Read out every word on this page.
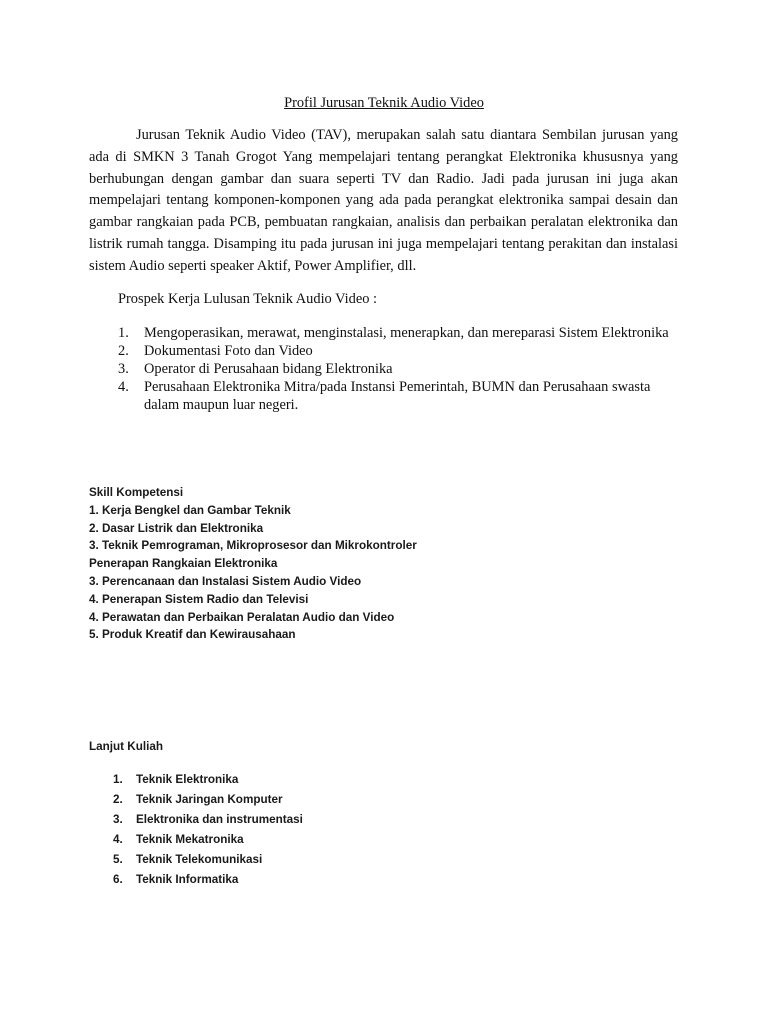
Profil Jurusan Teknik Audio Video

Jurusan Teknik Audio Video (TAV), merupakan salah satu diantara Sembilan jurusan yang ada di SMKN 3 Tanah Grogot Yang mempelajari tentang perangkat Elektronika khususnya yang berhubungan dengan gambar dan suara seperti TV dan Radio. Jadi pada jurusan ini juga akan mempelajari tentang komponen-komponen yang ada pada perangkat elektronika sampai desain dan gambar rangkaian pada PCB, pembuatan rangkaian, analisis dan perbaikan peralatan elektronika dan listrik rumah tangga. Disamping itu pada jurusan ini juga mempelajari tentang perakitan dan instalasi sistem Audio seperti speaker Aktif, Power Amplifier, dll.

Prospek Kerja Lulusan Teknik Audio Video :
1. Mengoperasikan, merawat, menginstalasi, menerapkan, dan mereparasi Sistem Elektronika
2. Dokumentasi Foto dan Video
3. Operator di Perusahaan bidang Elektronika
4. Perusahaan Elektronika Mitra/pada Instansi Pemerintah, BUMN dan Perusahaan swasta dalam maupun luar negeri.
Skill Kompetensi
1. Kerja Bengkel dan Gambar Teknik
2. Dasar Listrik dan Elektronika
3. Teknik Pemrograman, Mikroprosesor dan Mikrokontroler
Penerapan Rangkaian Elektronika
3. Perencanaan dan Instalasi Sistem Audio Video
4. Penerapan Sistem Radio dan Televisi
4. Perawatan dan Perbaikan Peralatan Audio dan Video
5. Produk Kreatif dan Kewirausahaan
Lanjut Kuliah
1. Teknik Elektronika
2. Teknik Jaringan Komputer
3. Elektronika dan instrumentasi
4. Teknik Mekatronika
5. Teknik Telekomunikasi
6. Teknik Informatika
